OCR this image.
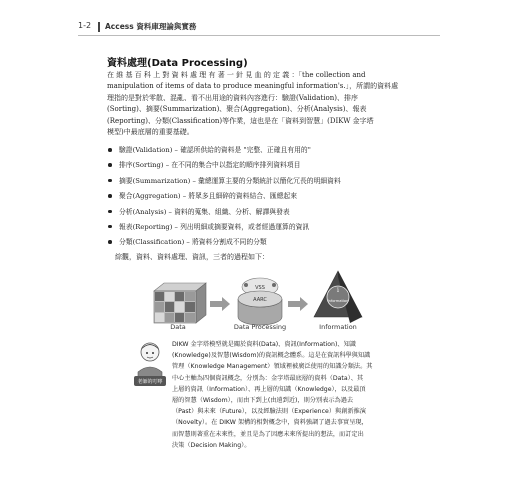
1-2 Access 資料庫理論與實務
資料處理(Data Processing)
在 維 基 百 科 上 對 資 料 處 理 有 著 一 針 見 血 的 定 義 ：「the collection and
manipulation of items of data to produce meaningful information's.」，所謂的資料處
理指的是對於零散、混亂、看不出用途的資料內容進行：驗證(Validation)、排序
(Sorting)、摘要(Summarization)、聚合(Aggregation)、分析(Analysis)、報表
(Reporting)、分類(Classification)等作業，這也是在「資料到智慧」(DIKW 金字塔
模型)中最底層的重要基礎。
驗證(Validation) – 確認所供給的資料是 "完整、正確且有用的"
排序(Sorting) – 在不同的集合中以指定的順序排列資料項目
摘要(Summarization) – 彙總運算主要的分類統計以簡化冗長的明細資料
聚合(Aggregation) – 將眾多且細碎的資料結合、匯總起來
分析(Analysis) – 資料的蒐集、組織、分析、解譯與發表
報表(Reporting) – 列出明細或摘要資料，或者經過運算的資訊
分類(Classification) – 將資料分割成不同的分類
綜觀，資料、資料處理、資訊，三者的過程如下：
VSS
AARC
i
Information
Data	Data Processing	Information
老師的叮嚀
DIKW 金字塔模型就是關於資料(Data)、資訊(Information)、知識
(Knowledge)及智慧(Wisdom)的資訊概念體系。這是在資訊科學與知識
管理（Knowledge Management）領域裡被廣泛使用的知識分類法。其
中心主軸為四個資訊概念，分別為：金字塔最底層的資料（Data）、其
上層的資訊（Information）、再上層的知識（Knowledge），以及最頂
層的智慧（Wisdom），而由下到上(由遠到近)，則分別表示為過去
（Past）與未來（Future），以及經驗法則（Experience）與創新推演
（Novelty）。在 DIKW 架構的相對概念中，資料強調了過去事實呈現，
而智慧則著重在未來性，並且是為了因應未來所提出的想法，而訂定出
決策（Decision Making）。
